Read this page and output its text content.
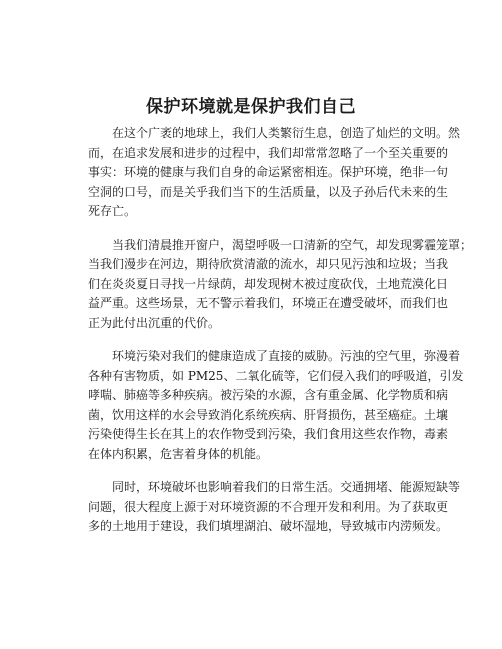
保护环境就是保护我们自己
在这个广袤的地球上，我们人类繁衍生息，创造了灿烂的文明。然
而，在追求发展和进步的过程中，我们却常常忽略了一个至关重要的
事实：环境的健康与我们自身的命运紧密相连。保护环境，绝非一句
空洞的口号，而是关乎我们当下的生活质量，以及子孙后代未来的生
死存亡。
当我们清晨推开窗户，渴望呼吸一口清新的空气，却发现雾霾笼罩；
当我们漫步在河边，期待欣赏清澈的流水，却只见污浊和垃圾；当我
们在炎炎夏日寻找一片绿荫，却发现树木被过度砍伐，土地荒漠化日
益严重。这些场景，无不警示着我们，环境正在遭受破坏，而我们也
正为此付出沉重的代价。
环境污染对我们的健康造成了直接的威胁。污浊的空气里，弥漫着
各种有害物质，如 PM25、二氧化硫等，它们侵入我们的呼吸道，引发
哮喘、肺癌等多种疾病。被污染的水源，含有重金属、化学物质和病
菌，饮用这样的水会导致消化系统疾病、肝肾损伤，甚至癌症。土壤
污染使得生长在其上的农作物受到污染，我们食用这些农作物，毒素
在体内积累，危害着身体的机能。
同时，环境破坏也影响着我们的日常生活。交通拥堵、能源短缺等
问题，很大程度上源于对环境资源的不合理开发和利用。为了获取更
多的土地用于建设，我们填埋湖泊、破坏湿地，导致城市内涝频发。
